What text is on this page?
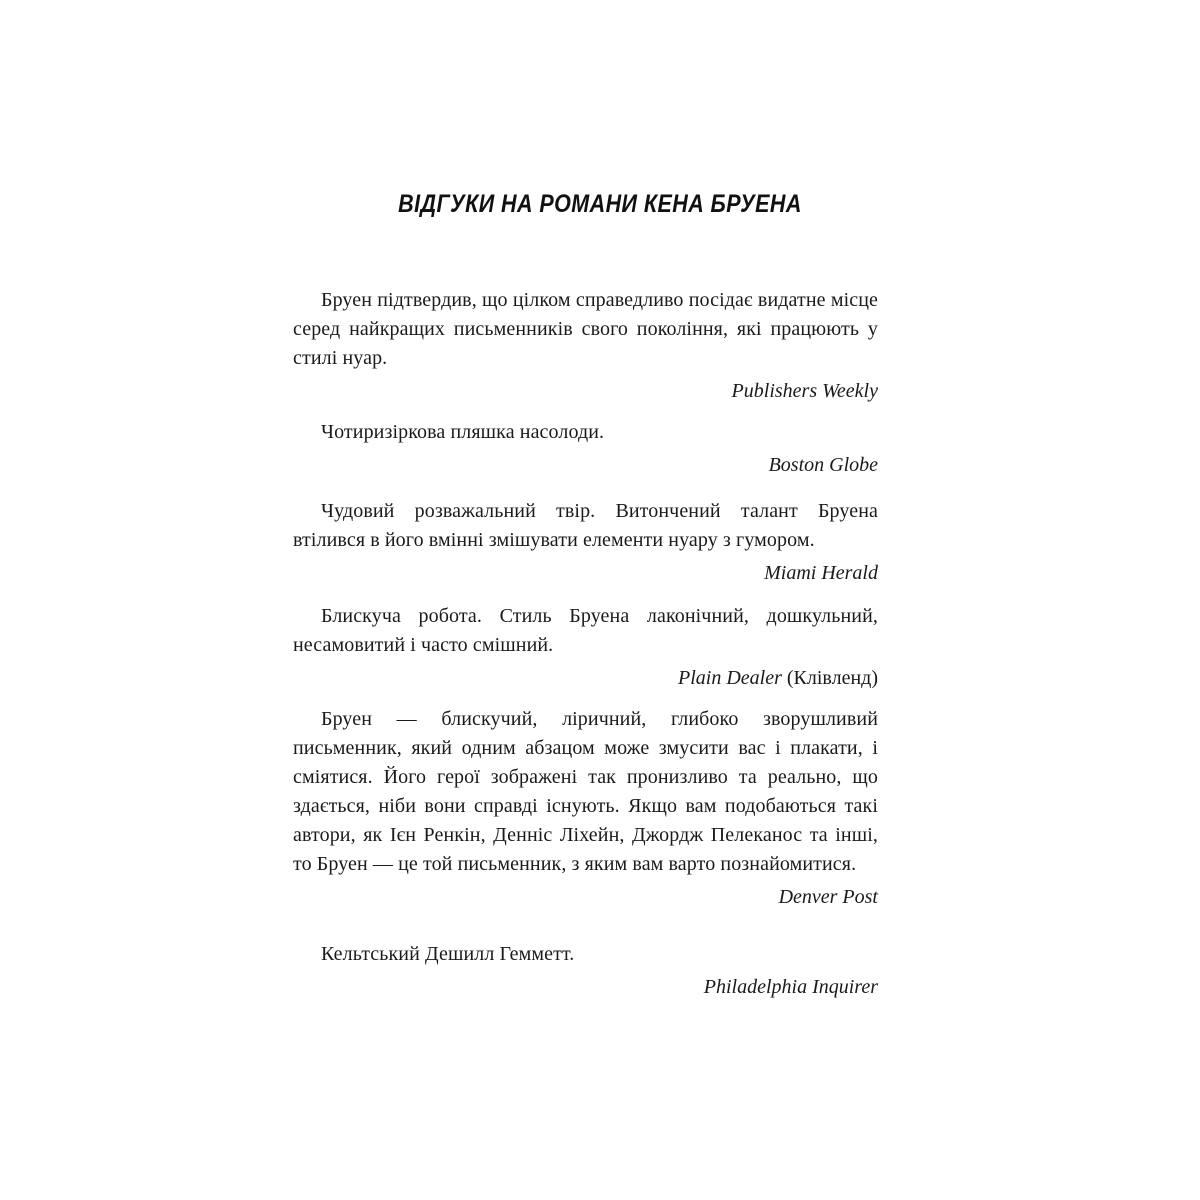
ВІДГУКИ НА РОМАНИ КЕНА БРУЕНА

Бруен підтвердив, що цілком справедливо посідає видатне місце серед найкращих письменників свого покоління, які працюють у стилі нуар.

Publishers Weekly

Чотиризіркова пляшка насолоди.

Boston Globe

Чудовий розважальний твір. Витончений талант Бруена втілився в його вмінні змішувати елементи нуару з гумором.

Miami Herald

Блискуча робота. Стиль Бруена лаконічний, дошкульний, несамовитий і часто смішний.

Plain Dealer (Клівленд)

Бруен — блискучий, ліричний, глибоко зворушливий письменник, який одним абзацом може змусити вас і плакати, і сміятися. Його герої зображені так пронизливо та реально, що здається, ніби вони справді існують. Якщо вам подобаються такі автори, як Ієн Ренкін, Денніс Ліхейн, Джордж Пелеканос та інші, то Бруен — це той письменник, з яким вам варто познайомитися.

Denver Post

Кельтський Дешилл Гемметт.

Philadelphia Inquirer
